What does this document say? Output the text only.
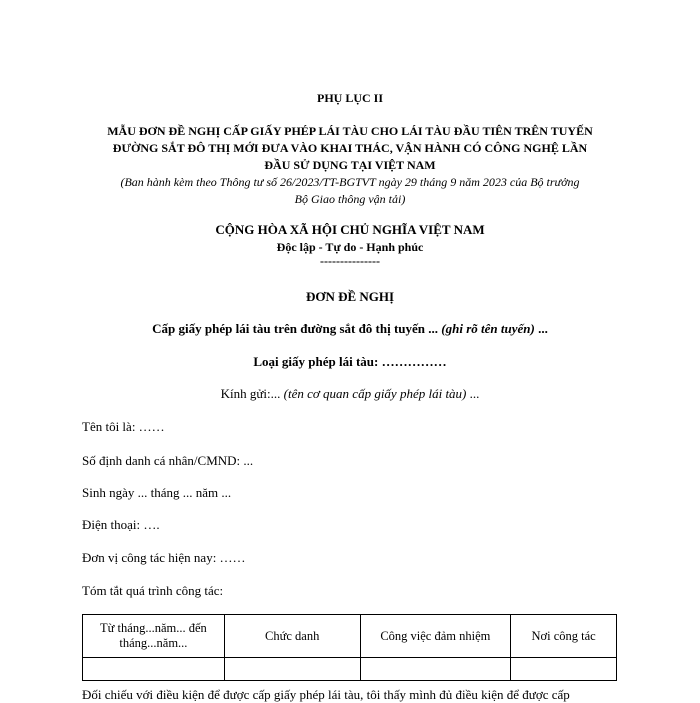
PHỤ LỤC II
MẪU ĐƠN ĐỀ NGHỊ CẤP GIẤY PHÉP LÁI TÀU CHO LÁI TÀU ĐẦU TIÊN TRÊN TUYẾN
ĐƯỜNG SẮT ĐÔ THỊ MỚI ĐƯA VÀO KHAI THÁC, VẬN HÀNH CÓ CÔNG NGHỆ LẦN
ĐẦU SỬ DỤNG TẠI VIỆT NAM
(Ban hành kèm theo Thông tư số 26/2023/TT-BGTVT ngày 29 tháng 9 năm 2023 của Bộ trưởng
Bộ Giao thông vận tải)
CỘNG HÒA XÃ HỘI CHỦ NGHĨA VIỆT NAM
Độc lập - Tự do - Hạnh phúc
---------------
ĐƠN ĐỀ NGHỊ
Cấp giấy phép lái tàu trên đường sắt đô thị tuyến ... (ghi rõ tên tuyến) ...
Loại giấy phép lái tàu: ……………
Kính gửi:... (tên cơ quan cấp giấy phép lái tàu) ...
Tên tôi là: ……
Số định danh cá nhân/CMND: ...
Sinh ngày ... tháng ... năm ...
Điện thoại: ….
Đơn vị công tác hiện nay: ……
Tóm tắt quá trình công tác:
Từ tháng...năm... đến tháng...năm...	Chức danh	Công việc đảm nhiệm	Nơi công tác

Đối chiếu với điều kiện để được cấp giấy phép lái tàu, tôi thấy mình đủ điều kiện để được cấp
